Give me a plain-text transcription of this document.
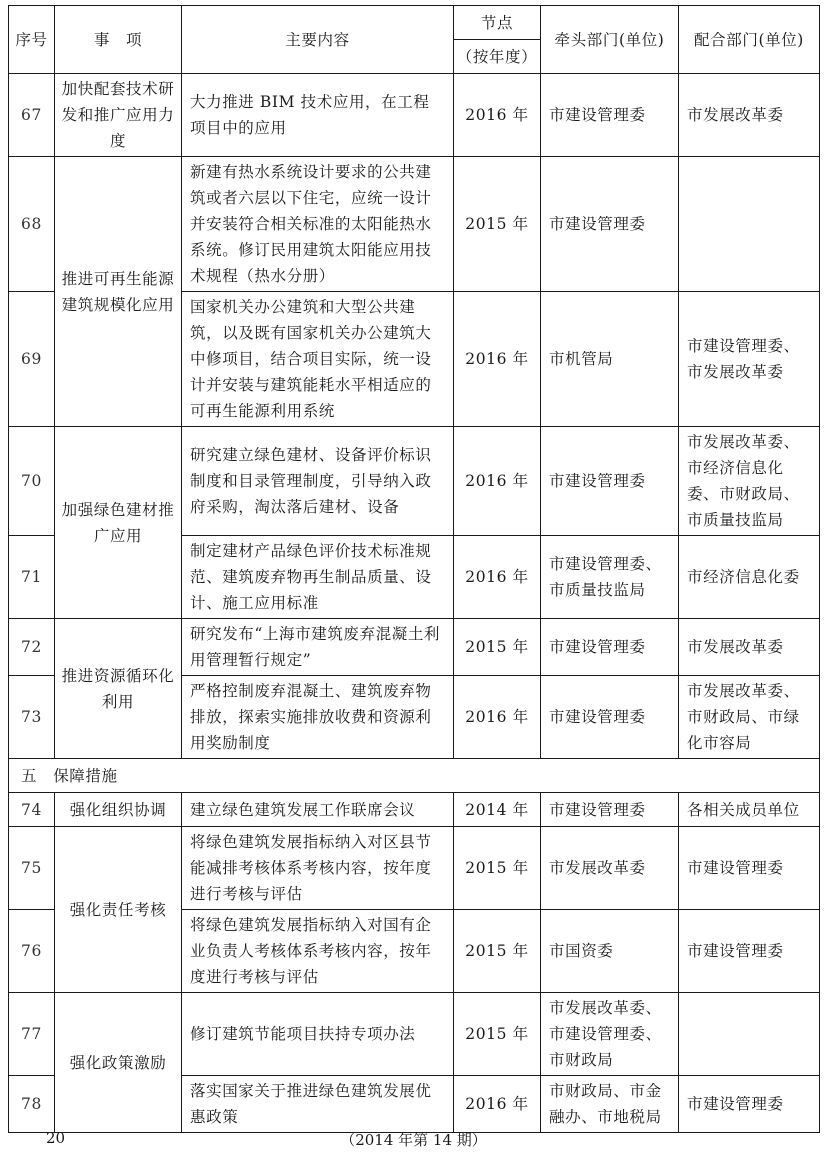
序号	事　项	主要内容	节点	牵头部门(单位)	配合部门(单位)
			（按年度）		
67	加快配套技术研发和推广应用力度	大力推进 BIM 技术应用，在工程项目中的应用	2016 年	市建设管理委	市发展改革委
68	推进可再生能源建筑规模化应用	新建有热水系统设计要求的公共建筑或者六层以下住宅，应统一设计并安装符合相关标准的太阳能热水系统。修订民用建筑太阳能应用技术规程（热水分册）	2015 年	市建设管理委	
69		国家机关办公建筑和大型公共建筑，以及既有国家机关办公建筑大中修项目，结合项目实际，统一设计并安装与建筑能耗水平相适应的可再生能源利用系统	2016 年	市机管局	市建设管理委、市发展改革委
70	加强绿色建材推广应用	研究建立绿色建材、设备评价标识制度和目录管理制度，引导纳入政府采购，淘汰落后建材、设备	2016 年	市建设管理委	市发展改革委、市经济信息化委、市财政局、市质量技监局
71		制定建材产品绿色评价技术标准规范、建筑废弃物再生制品质量、设计、施工应用标准	2016 年	市建设管理委、市质量技监局	市经济信息化委
72	推进资源循环化利用	研究发布“上海市建筑废弃混凝土利用管理暂行规定”	2015 年	市建设管理委	市发展改革委
73		严格控制废弃混凝土、建筑废弃物排放，探索实施排放收费和资源利用奖励制度	2016 年	市建设管理委	市发展改革委、市财政局、市绿化市容局
五　保障措施					
74	强化组织协调	建立绿色建筑发展工作联席会议	2014 年	市建设管理委	各相关成员单位
75	强化责任考核	将绿色建筑发展指标纳入对区县节能减排考核体系考核内容，按年度进行考核与评估	2015 年	市发展改革委	市建设管理委
76		将绿色建筑发展指标纳入对国有企业负责人考核体系考核内容，按年度进行考核与评估	2015 年	市国资委	市建设管理委
77	强化政策激励	修订建筑节能项目扶持专项办法	2015 年	市发展改革委、市建设管理委、市财政局	
78		落实国家关于推进绿色建筑发展优惠政策	2016 年	市财政局、市金融办、市地税局	市建设管理委
20	（2014 年第 14 期）
